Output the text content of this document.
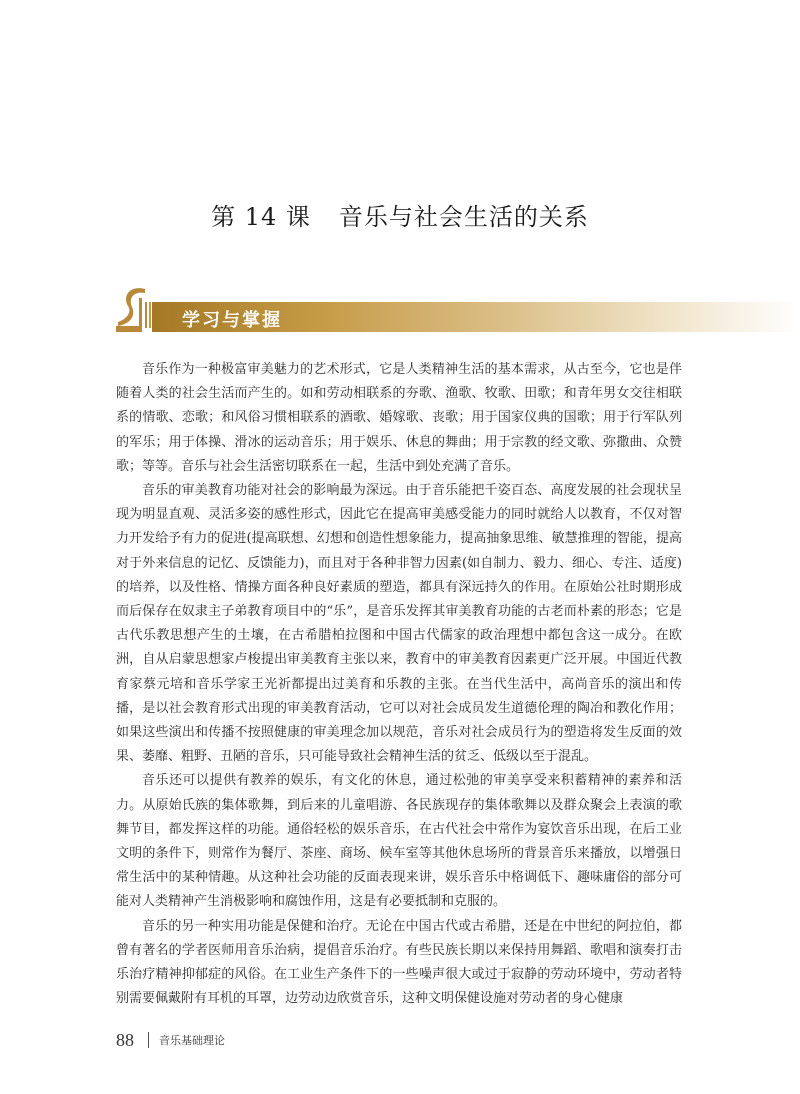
第 14 课 音乐与社会生活的关系
学习与掌握

音乐作为一种极富审美魅力的艺术形式，它是人类精神生活的基本需求，从古至今，它也是伴随着人类的社会生活而产生的。如和劳动相联系的夯歌、渔歌、牧歌、田歌；和青年男女交往相联系的情歌、恋歌；和风俗习惯相联系的酒歌、婚嫁歌、丧歌；用于国家仪典的国歌；用于行军队列的军乐；用于体操、滑冰的运动音乐；用于娱乐、休息的舞曲；用于宗教的经文歌、弥撒曲、众赞歌；等等。音乐与社会生活密切联系在一起，生活中到处充满了音乐。

音乐的审美教育功能对社会的影响最为深远。由于音乐能把千姿百态、高度发展的社会现状呈现为明显直观、灵活多姿的感性形式，因此它在提高审美感受能力的同时就给人以教育，不仅对智力开发给予有力的促进(提高联想、幻想和创造性想象能力，提高抽象思维、敏慧推理的智能，提高对于外来信息的记忆、反馈能力)，而且对于各种非智力因素(如自制力、毅力、细心、专注、适度)的培养，以及性格、情操方面各种良好素质的塑造，都具有深远持久的作用。在原始公社时期形成而后保存在奴隶主子弟教育项目中的“乐”，是音乐发挥其审美教育功能的古老而朴素的形态；它是古代乐教思想产生的土壤，在古希腊柏拉图和中国古代儒家的政治理想中都包含这一成分。在欧洲，自从启蒙思想家卢梭提出审美教育主张以来，教育中的审美教育因素更广泛开展。中国近代教育家蔡元培和音乐学家王光祈都提出过美育和乐教的主张。在当代生活中，高尚音乐的演出和传播，是以社会教育形式出现的审美教育活动，它可以对社会成员发生道德伦理的陶冶和教化作用；如果这些演出和传播不按照健康的审美理念加以规范，音乐对社会成员行为的塑造将发生反面的效果、萎靡、粗野、丑陋的音乐，只可能导致社会精神生活的贫乏、低级以至于混乱。

音乐还可以提供有教养的娱乐，有文化的休息，通过松弛的审美享受来积蓄精神的素养和活力。从原始氏族的集体歌舞，到后来的儿童唱游、各民族现存的集体歌舞以及群众聚会上表演的歌舞节目，都发挥这样的功能。通俗轻松的娱乐音乐，在古代社会中常作为宴饮音乐出现，在后工业文明的条件下，则常作为餐厅、茶座、商场、候车室等其他休息场所的背景音乐来播放，以增强日常生活中的某种情趣。从这种社会功能的反面表现来讲，娱乐音乐中格调低下、趣味庸俗的部分可能对人类精神产生消极影响和腐蚀作用，这是有必要抵制和克服的。

音乐的另一种实用功能是保健和治疗。无论在中国古代或古希腊，还是在中世纪的阿拉伯，都曾有著名的学者医师用音乐治病，提倡音乐治疗。有些民族长期以来保持用舞蹈、歌唱和演奏打击乐治疗精神抑郁症的风俗。在工业生产条件下的一些噪声很大或过于寂静的劳动环境中，劳动者特别需要佩戴附有耳机的耳罩，边劳动边欣赏音乐，这种文明保健设施对劳动者的身心健康

88 音乐基础理论
